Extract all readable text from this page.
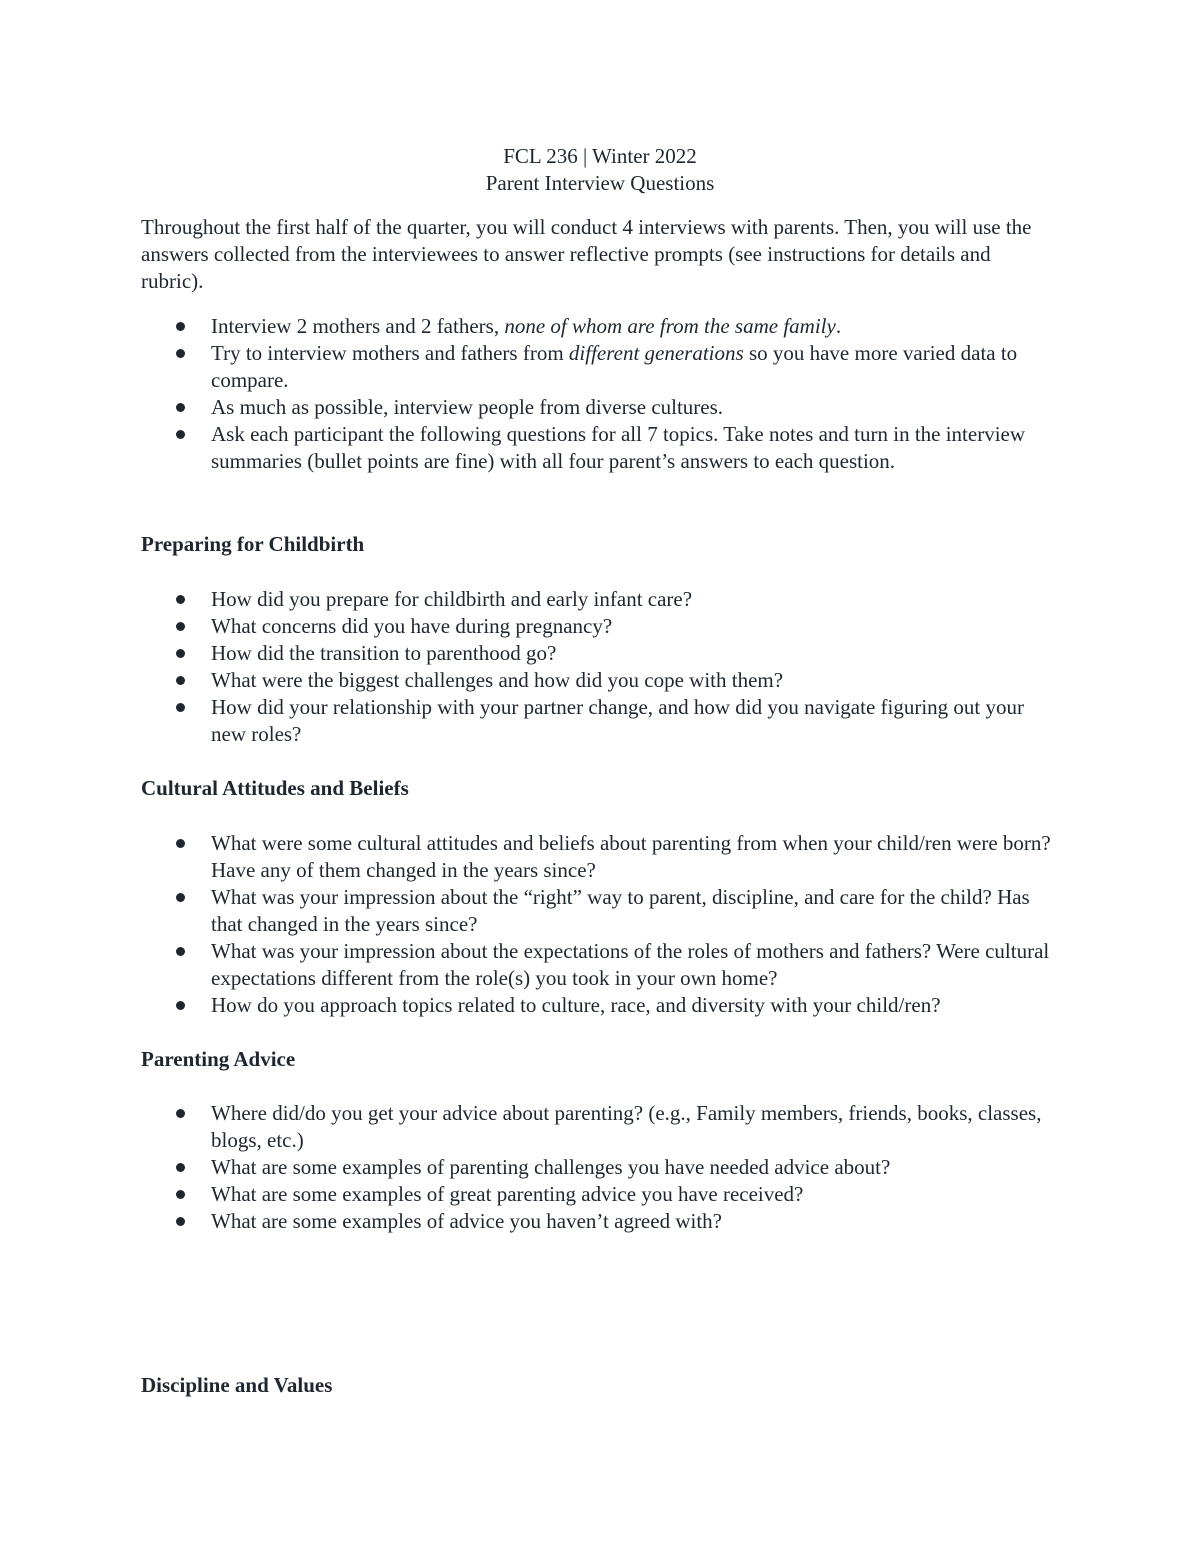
FCL 236 | Winter 2022
Parent Interview Questions

Throughout the first half of the quarter, you will conduct 4 interviews with parents. Then, you will use the answers collected from the interviewees to answer reflective prompts (see instructions for details and rubric).

Interview 2 mothers and 2 fathers, none of whom are from the same family.
Try to interview mothers and fathers from different generations so you have more varied data to compare.
As much as possible, interview people from diverse cultures.
Ask each participant the following questions for all 7 topics. Take notes and turn in the interview summaries (bullet points are fine) with all four parent’s answers to each question.
Preparing for Childbirth
How did you prepare for childbirth and early infant care?
What concerns did you have during pregnancy?
How did the transition to parenthood go?
What were the biggest challenges and how did you cope with them?
How did your relationship with your partner change, and how did you navigate figuring out your new roles?
Cultural Attitudes and Beliefs
What were some cultural attitudes and beliefs about parenting from when your child/ren were born? Have any of them changed in the years since?
What was your impression about the “right” way to parent, discipline, and care for the child? Has that changed in the years since?
What was your impression about the expectations of the roles of mothers and fathers? Were cultural expectations different from the role(s) you took in your own home?
How do you approach topics related to culture, race, and diversity with your child/ren?
Parenting Advice
Where did/do you get your advice about parenting? (e.g., Family members, friends, books, classes, blogs, etc.)
What are some examples of parenting challenges you have needed advice about?
What are some examples of great parenting advice you have received?
What are some examples of advice you haven’t agreed with?
Discipline and Values
